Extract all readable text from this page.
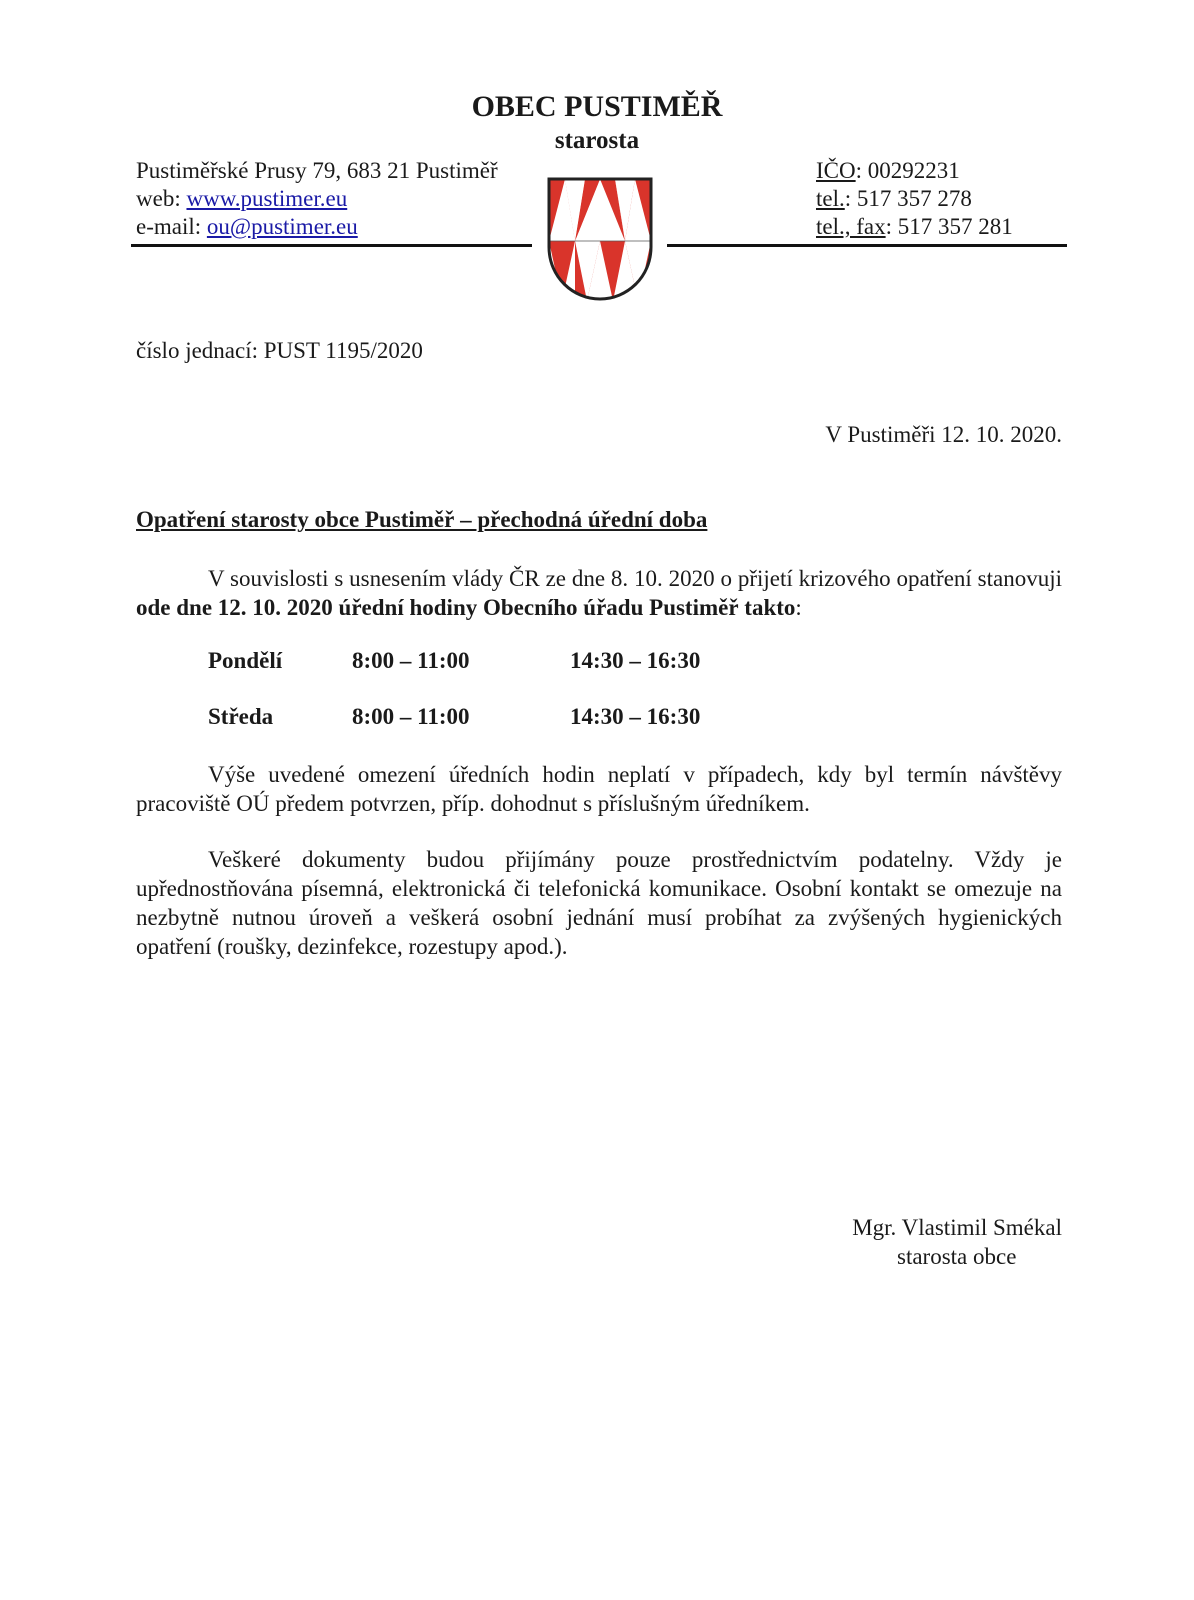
OBEC PUSTIMĚŘ
starosta
Pustiměřské Prusy 79, 683 21 Pustiměř
web: www.pustimer.eu
e-mail: ou@pustimer.eu
IČO: 00292231
tel.: 517 357 278
tel., fax: 517 357 281
číslo jednací: PUST 1195/2020
V Pustiměři 12. 10. 2020.
Opatření starosty obce Pustiměř – přechodná úřední doba
V souvislosti s usnesením vlády ČR ze dne 8. 10. 2020 o přijetí krizového opatření stanovuji ode dne 12. 10. 2020 úřední hodiny Obecního úřadu Pustiměř takto:
Pondělí	8:00 – 11:00	14:30 – 16:30
Středa	8:00 – 11:00	14:30 – 16:30
Výše uvedené omezení úředních hodin neplatí v případech, kdy byl termín návštěvy pracoviště OÚ předem potvrzen, příp. dohodnut s příslušným úředníkem.
Veškeré dokumenty budou přijímány pouze prostřednictvím podatelny. Vždy je upřednostňována písemná, elektronická či telefonická komunikace. Osobní kontakt se omezuje na nezbytně nutnou úroveň a veškerá osobní jednání musí probíhat za zvýšených hygienických opatření (roušky, dezinfekce, rozestupy apod.).
Mgr. Vlastimil Smékal
starosta obce
